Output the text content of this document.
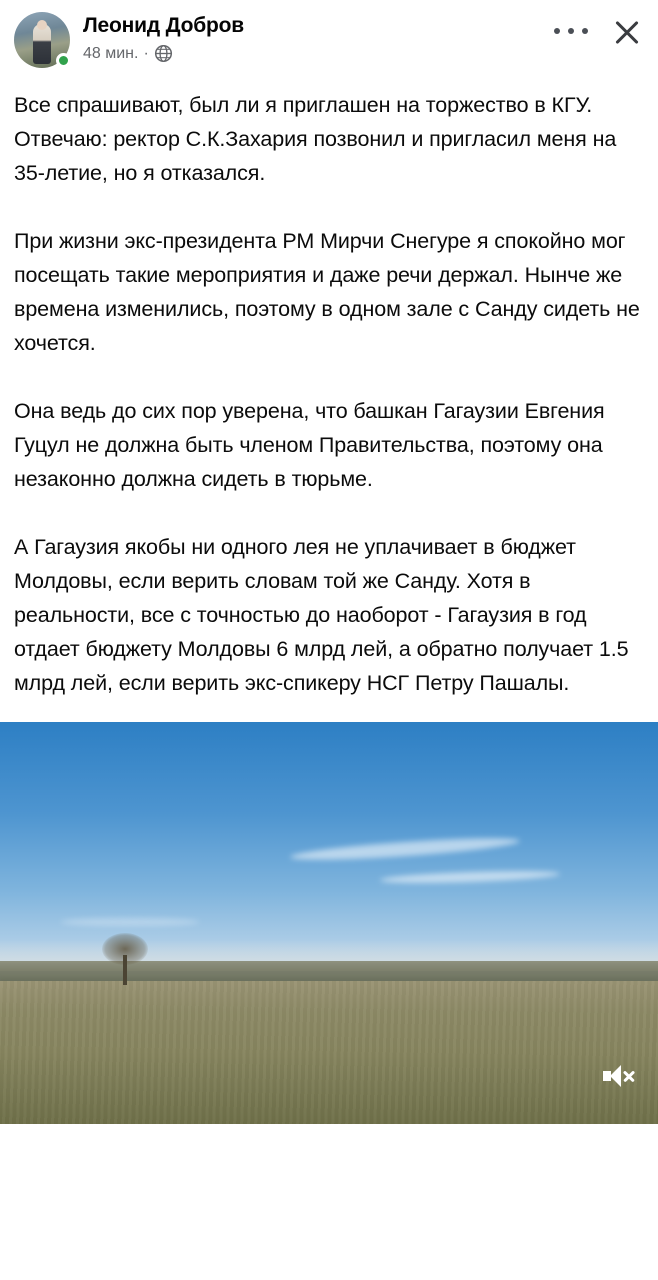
Леонид Добров
48 мин. ·

Все спрашивают, был ли я приглашен на торжество в КГУ. Отвечаю: ректор С.К.Захария позвонил и пригласил меня на 35-летие, но я отказался.

При жизни экс-президента РМ Мирчи Снегуре я спокойно мог посещать такие мероприятия и даже речи держал. Нынче же времена изменились, поэтому в одном зале с Санду сидеть не хочется.

Она ведь до сих пор уверена, что башкан Гагаузии Евгения Гуцул не должна быть членом Правительства, поэтому она незаконно должна сидеть в тюрьме.

А Гагаузия якобы ни одного лея не уплачивает в бюджет Молдовы, если верить словам той же Санду. Хотя в реальности, все с точностью до наоборот - Гагаузия в год отдает бюджету Молдовы 6 млрд лей, а обратно получает 1.5 млрд лей, если верить экс-спикеру НСГ Петру Пашалы.
